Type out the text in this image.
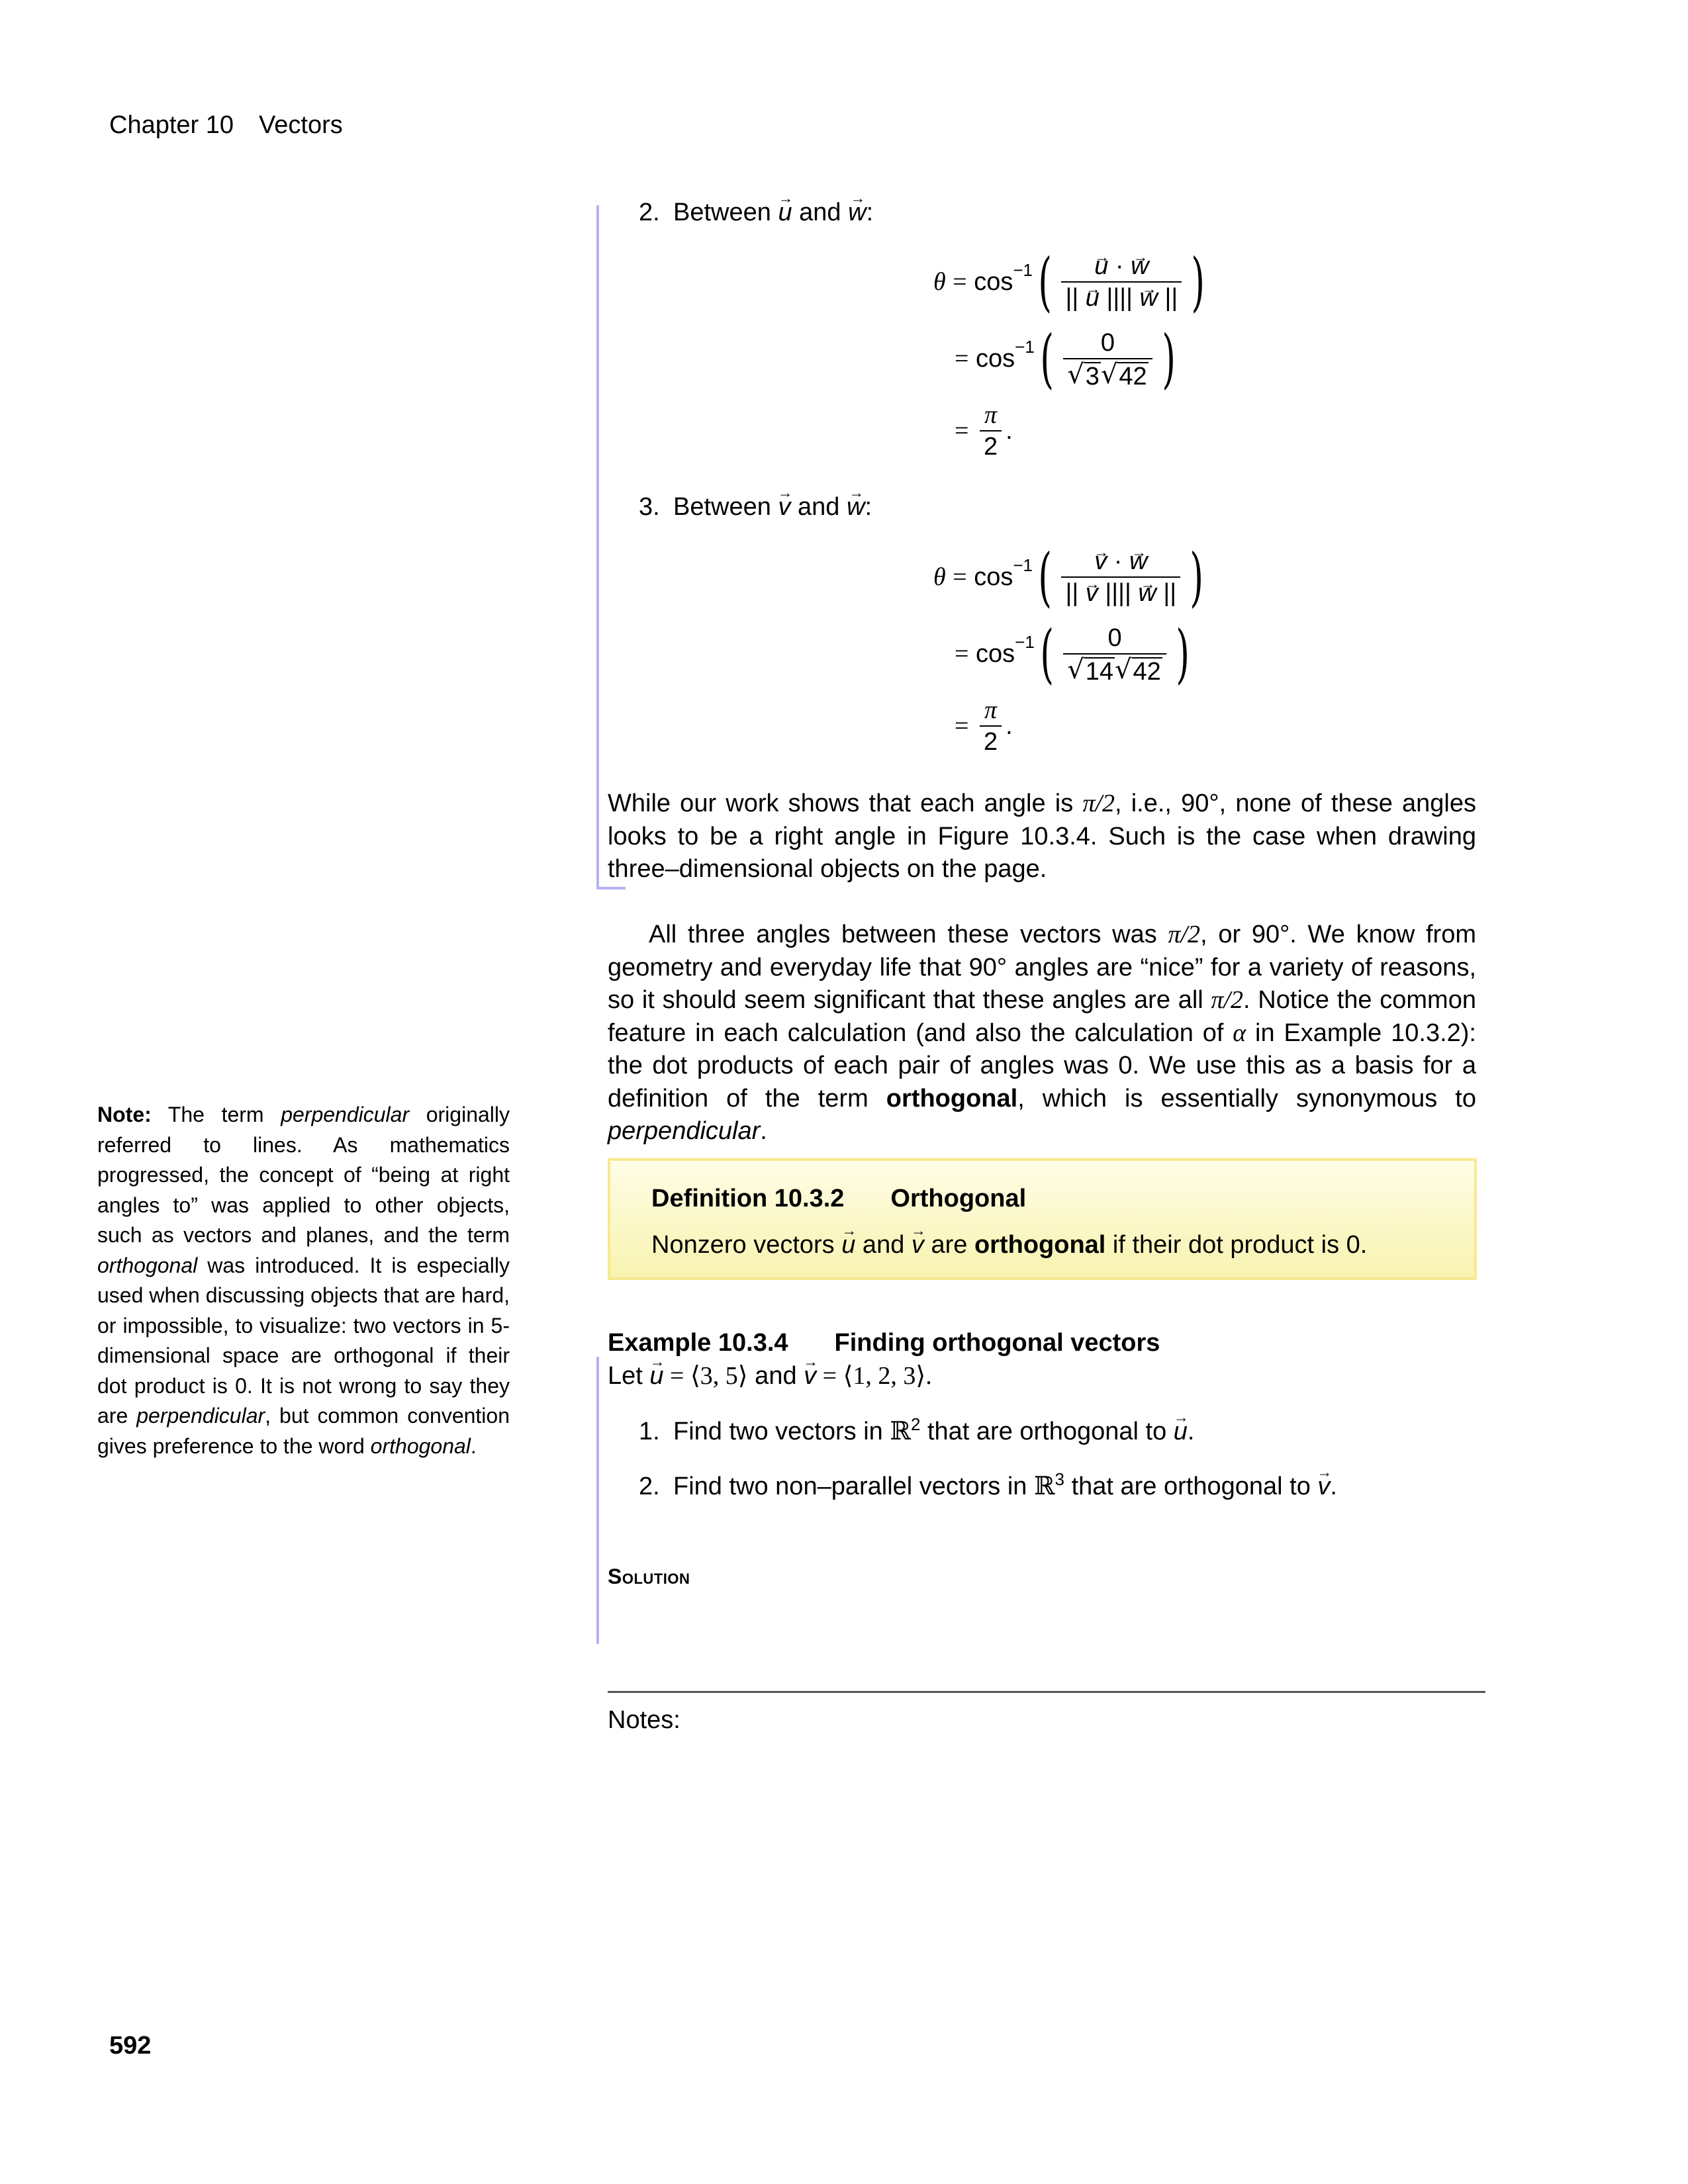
Chapter 10 Vectors
2. Between → u and → w:
θ
=
cos −1 ( → $\frac{u \cdot \to w}{|| \to u |||| \to w ||}$ )
=
cos −1 ( $\frac{0}{√ 3 √ 42}$ )
=
$\frac{\pi}{2}$ .
3. Between → v and → w:
θ
=
cos −1 ( → $\frac{v \cdot \to w}{|| \to v |||| \to w ||}$ )
=
cos −1 ( $\frac{0}{√ 14 √ 42}$ )
=
$\frac{\pi}{2}$ .
While our work shows that each angle is π/2, i.e., 90°, none of these angles looks to be a right angle in Figure 10.3.4. Such is the case when drawing three–dimensional objects on the page.
All three angles between these vectors was π/2, or 90°. We know from geometry and everyday life that 90° angles are “nice” for a variety of reasons, so it should seem significant that these angles are all π/2. Notice the common feature in each calculation (and also the calculation of α in Example 10.3.2): the dot products of each pair of angles was 0. We use this as a basis for a definition of the term orthogonal, which is essentially synonymous to perpendicular.
Definition 10.3.2 Orthogonal
Nonzero vectors → u and → v are orthogonal if their dot product is 0.
Example 10.3.4 Finding orthogonal vectors
Let → u = ⟨3, 5⟩ and → v = ⟨1, 2, 3⟩.
1. Find two vectors in ℝ$^2$ that are orthogonal to → u.
2. Find two non–parallel vectors in ℝ$^3$ that are orthogonal to → v.
Solution
Notes:
Note: The term perpendicular originally referred to lines. As mathematics progressed, the concept of “being at right angles to” was applied to other objects, such as vectors and planes, and the term orthogonal was introduced. It is especially used when discussing objects that are hard, or impossible, to visualize: two vectors in 5-dimensional space are orthogonal if their dot product is 0. It is not wrong to say they are perpendicular, but common convention gives preference to the word orthogonal.
592
